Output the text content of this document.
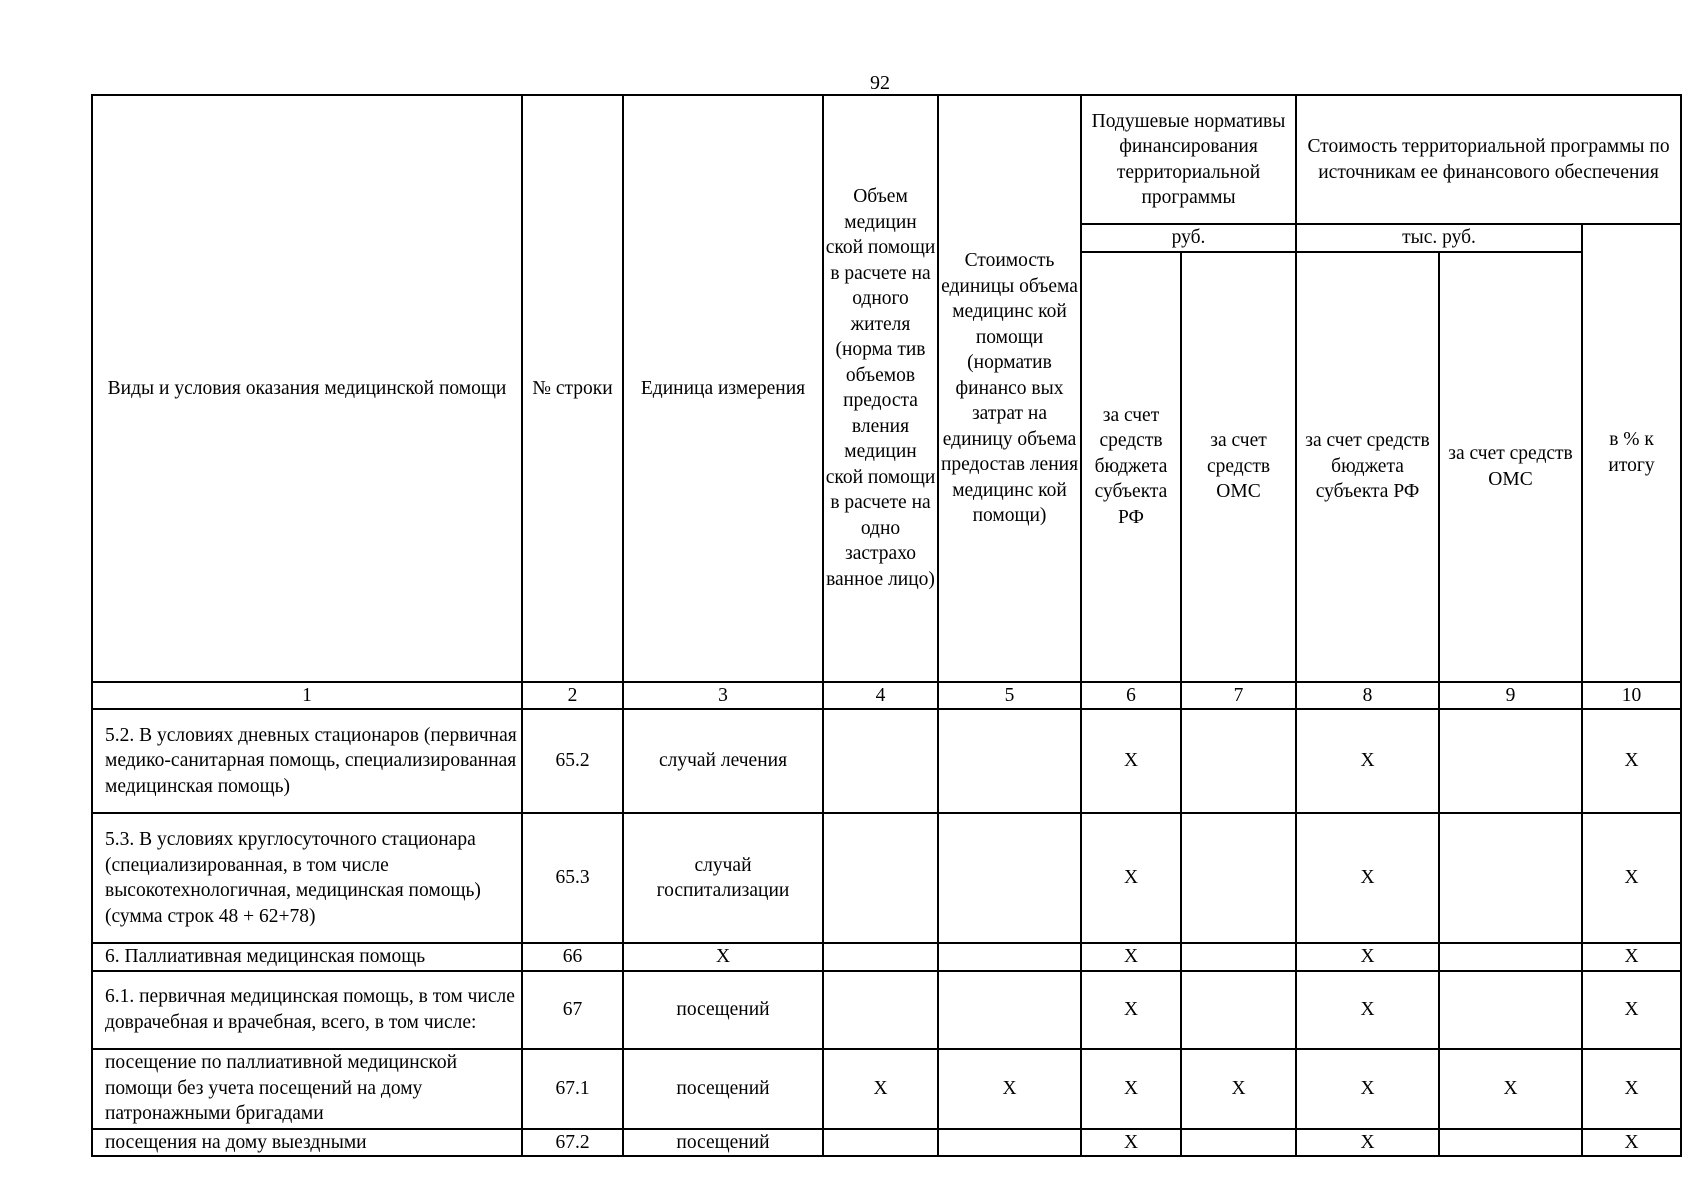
92
Виды и условия оказания медицинской помощи	№ строки	Единица измерения	Объем медицин ской помощи в расчете на одного жителя (норма тив объемов предоста вления медицин ской помощи в расчете на одно застрахо ванное лицо)	Стоимость единицы объема медицинс кой помощи (норматив финансо вых затрат на единицу объема предостав ления медицинс кой помощи)	Подушевые нормативы финансирования территориальной программы		Стоимость территориальной программы по источникам ее финансового обеспечения		
					руб.		тыс. руб.		в % к итогу
					за счет средств бюджета субъекта РФ	за счет средств ОМС	за счет средств бюджета субъекта РФ	за счет средств ОМС	
1	2	3	4	5	6	7	8	9	10
5.2. В условиях дневных стационаров (первичная медико-санитарная помощь, специализированная медицинская помощь)	65.2	случай лечения			Х		Х		Х
5.3. В условиях круглосуточного стационара (специализированная, в том числе высокотехнологичная, медицинская помощь) (сумма строк 48 + 62+78)	65.3	случай госпитализации			Х		Х		Х
6. Паллиативная медицинская помощь	66	Х			Х		Х		Х
6.1. первичная медицинская помощь, в том числе доврачебная и врачебная, всего, в том числе:	67	посещений			Х		Х		Х
посещение по паллиативной медицинской помощи без учета посещений на дому патронажными бригадами	67.1	посещений	Х	Х	Х	Х	Х	Х	Х
посещения на дому выездными	67.2	посещений			Х		Х		Х
